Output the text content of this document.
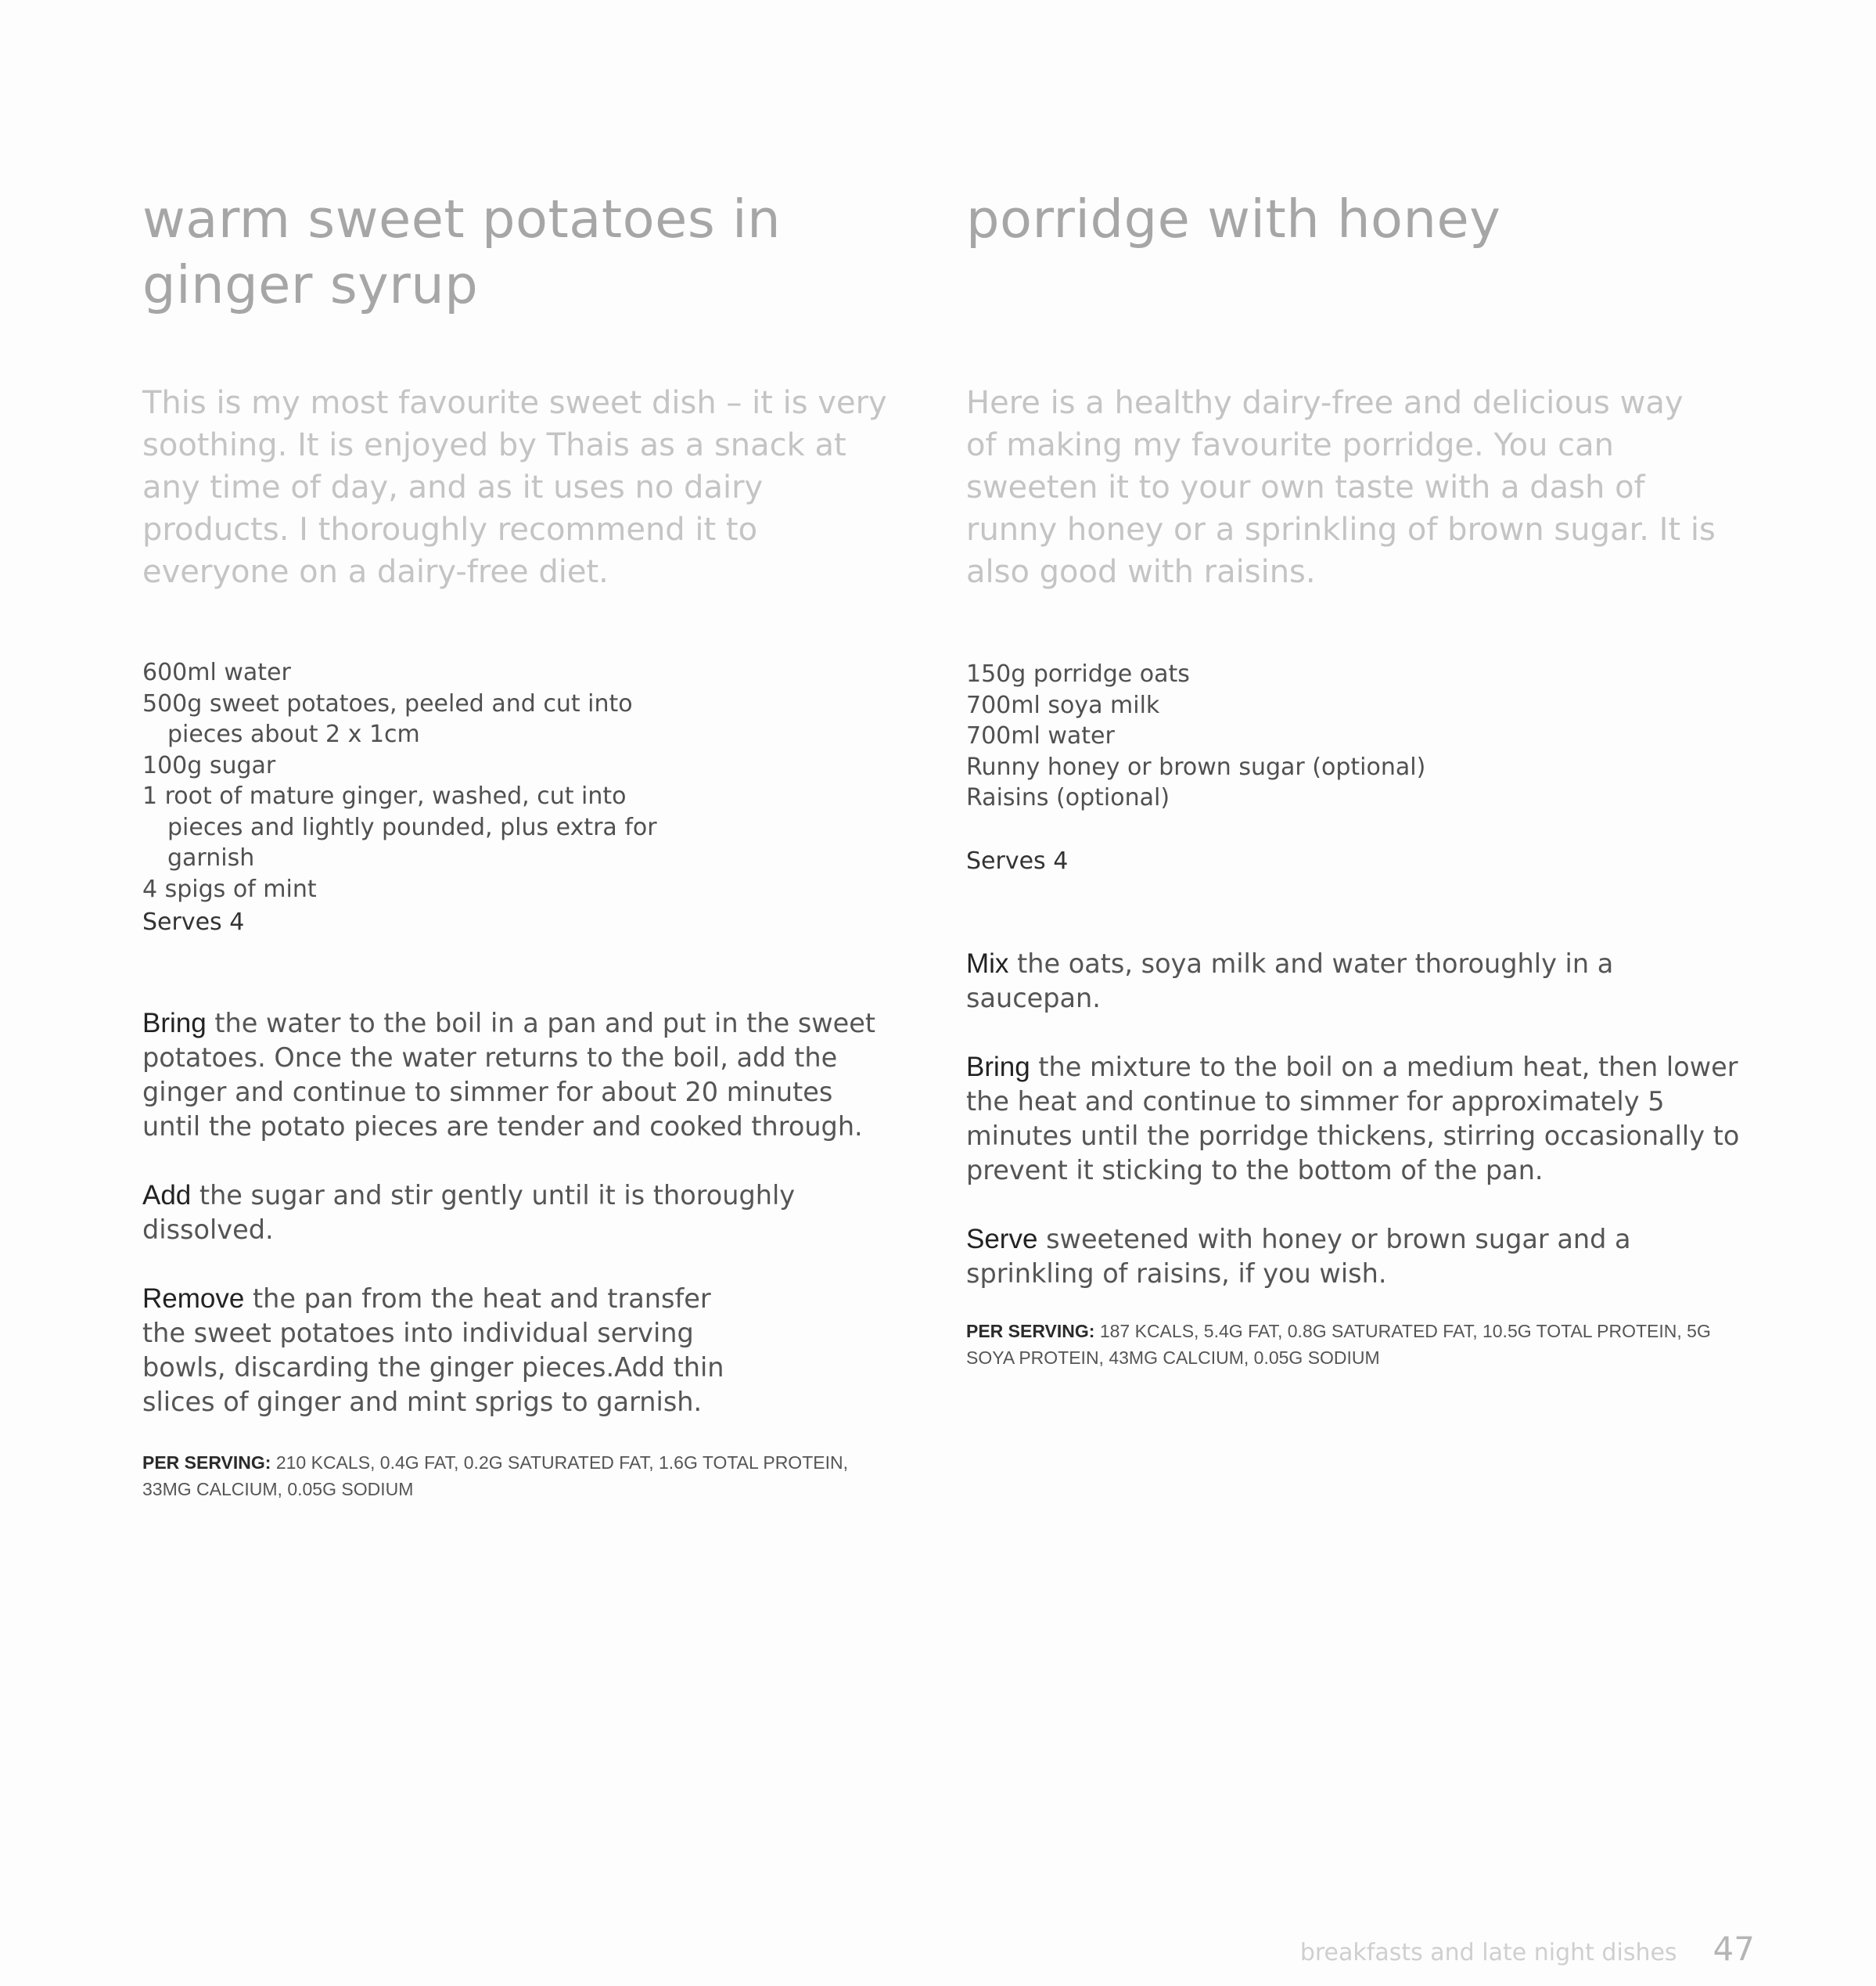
warm sweet potatoes in
ginger syrup

This is my most favourite sweet dish – it is very soothing. It is enjoyed by Thais as a snack at any time of day, and as it uses no dairy products. I thoroughly recommend it to everyone on a dairy-free diet.

600ml water
500g sweet potatoes, peeled and cut into pieces about 2 x 1cm
100g sugar
1 root of mature ginger, washed, cut into pieces and lightly pounded, plus extra for garnish
4 spigs of mint

Serves 4

Bring the water to the boil in a pan and put in the sweet potatoes. Once the water returns to the boil, add the ginger and continue to simmer for about 20 minutes until the potato pieces are tender and cooked through.

Add the sugar and stir gently until it is thoroughly dissolved.

Remove the pan from the heat and transfer the sweet potatoes into individual serving bowls, discarding the ginger pieces.Add thin slices of ginger and mint sprigs to garnish.

PER SERVING: 210 KCALS, 0.4G FAT, 0.2G SATURATED FAT, 1.6G TOTAL PROTEIN, 33MG CALCIUM, 0.05G SODIUM

porridge with honey

Here is a healthy dairy-free and delicious way of making my favourite porridge. You can sweeten it to your own taste with a dash of runny honey or a sprinkling of brown sugar. It is also good with raisins.

150g porridge oats
700ml soya milk
700ml water
Runny honey or brown sugar (optional)
Raisins (optional)

Serves 4

Mix the oats, soya milk and water thoroughly in a saucepan.

Bring the mixture to the boil on a medium heat, then lower the heat and continue to simmer for approximately 5 minutes until the porridge thickens, stirring occasionally to prevent it sticking to the bottom of the pan.

Serve sweetened with honey or brown sugar and a sprinkling of raisins, if you wish.

PER SERVING: 187 KCALS, 5.4G FAT, 0.8G SATURATED FAT, 10.5G TOTAL PROTEIN, 5G SOYA PROTEIN, 43MG CALCIUM, 0.05G SODIUM

breakfasts and late night dishes 47
